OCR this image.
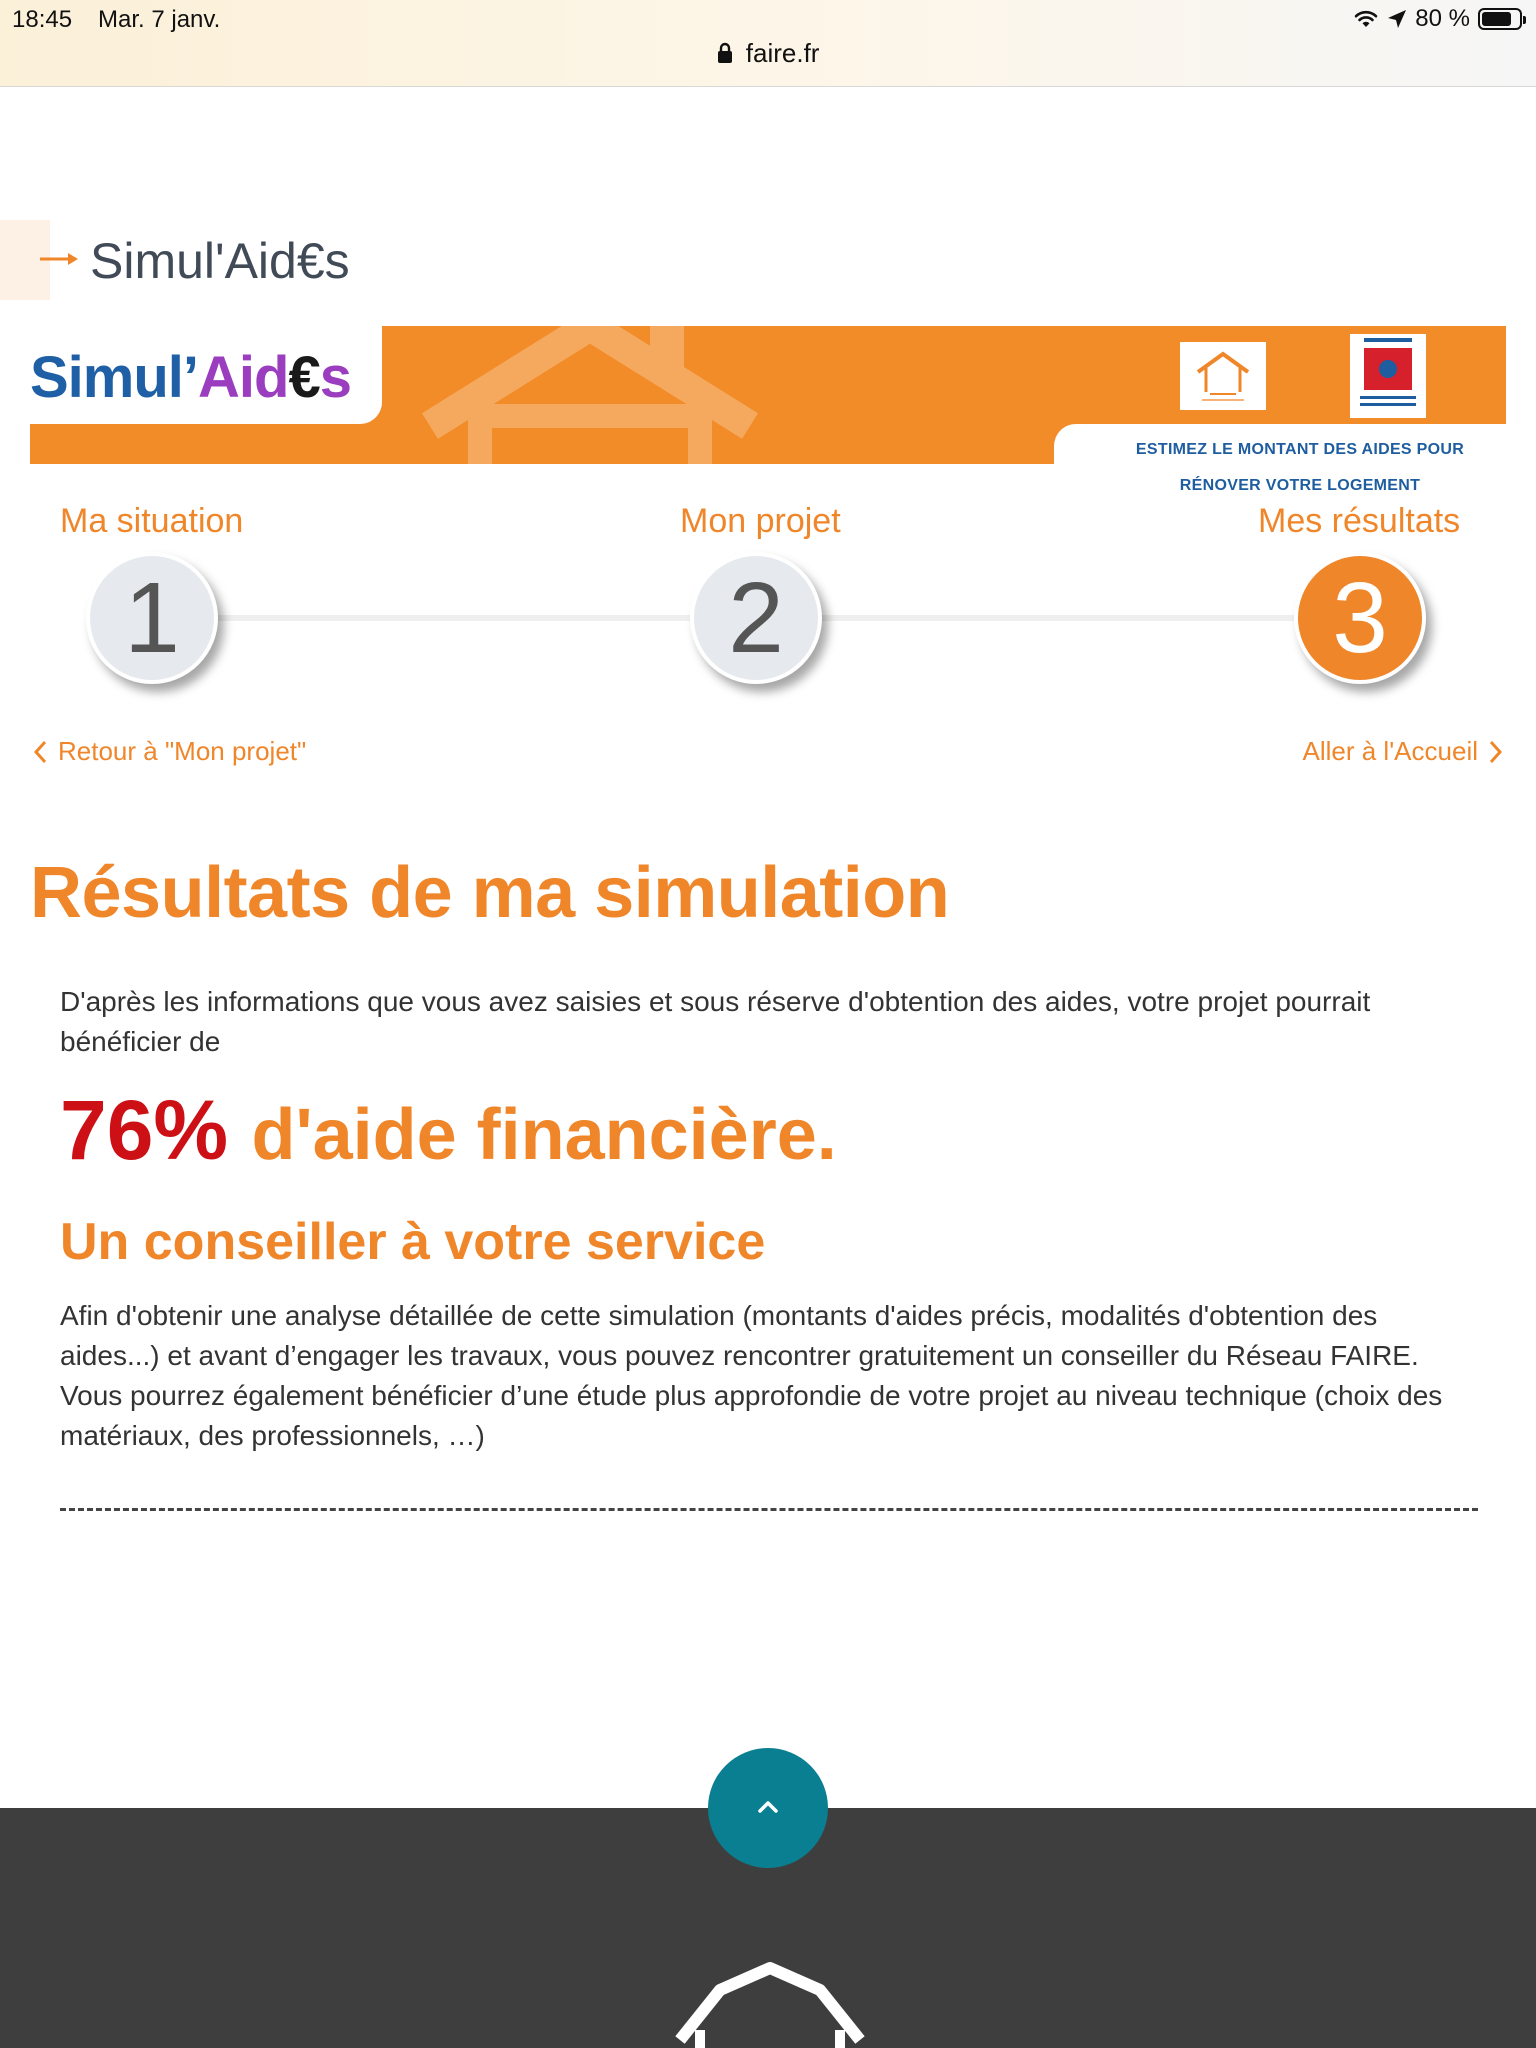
18:45 Mar. 7 janv.	80 %
faire.fr
Simul'Aid€s
Simul’Aid€s
ESTIMEZ LE MONTANT DES AIDES POUR
RÉNOVER VOTRE LOGEMENT
Ma situation	Mon projet	Mes résultats
1	2	3
Retour à "Mon projet"	Aller à l'Accueil
Résultats de ma simulation

D'après les informations que vous avez saisies et sous réserve d'obtention des aides, votre projet pourrait bénéficier de

76% d'aide financière.
Un conseiller à votre service

Afin d'obtenir une analyse détaillée de cette simulation (montants d'aides précis, modalités d'obtention des aides...) et avant d’engager les travaux, vous pouvez rencontrer gratuitement un conseiller du Réseau FAIRE. Vous pourrez également bénéficier d’une étude plus approfondie de votre projet au niveau technique (choix des matériaux, des professionnels, …)
